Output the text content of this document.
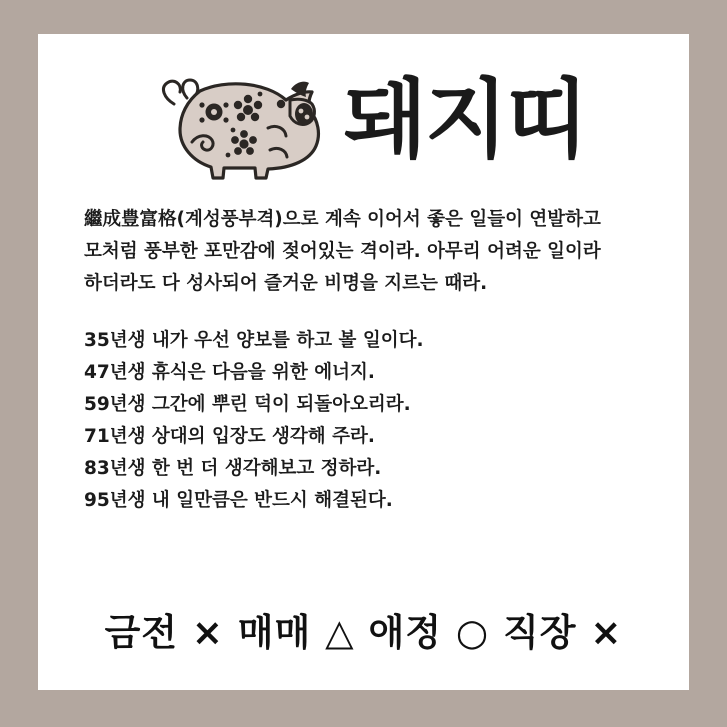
돼지띠
繼成豊富格(계성풍부격)으로 계속 이어서 좋은 일들이 연발하고
모처럼 풍부한 포만감에 젖어있는 격이라. 아무리 어려운 일이라
하더라도 다 성사되어 즐거운 비명을 지르는 때라.
35년생 내가 우선 양보를 하고 볼 일이다.
47년생 휴식은 다음을 위한 에너지.
59년생 그간에 뿌린 덕이 되돌아오리라.
71년생 상대의 입장도 생각해 주라.
83년생 한 번 더 생각해보고 정하라.
95년생 내 일만큼은 반드시 해결된다.
금전 × 매매 △ 애정 ○ 직장 ×
